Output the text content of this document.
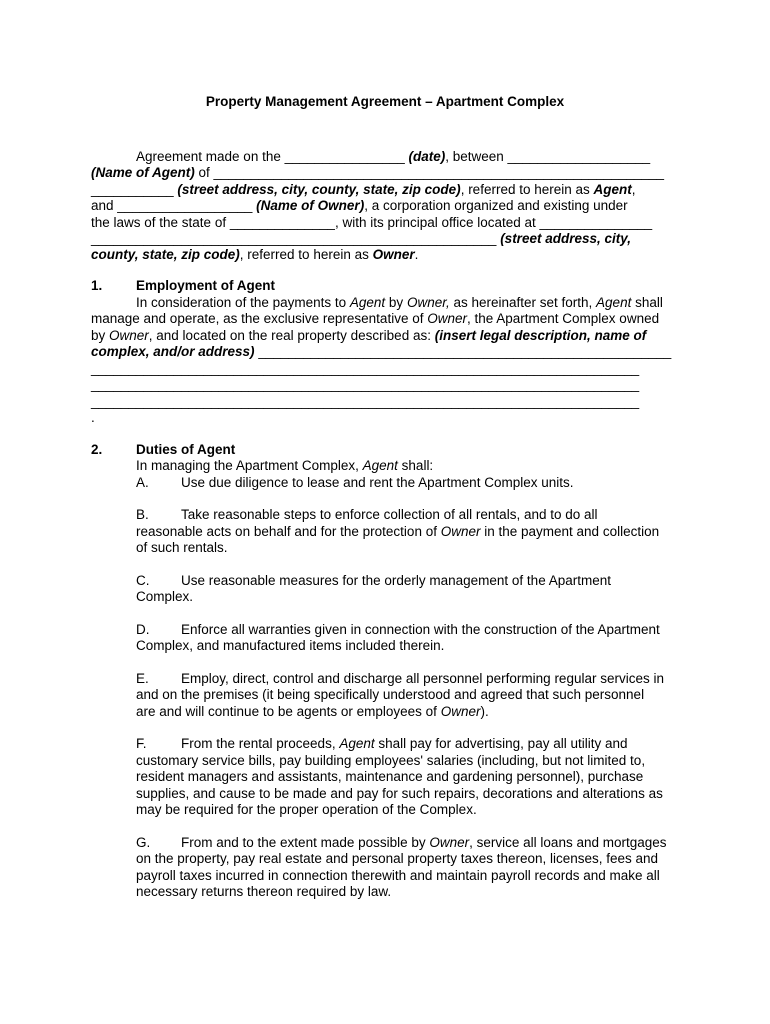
Property Management Agreement – Apartment Complex
Agreement made on the ________________ (date), between ___________________
(Name of Agent) of ____________________________________________________________
___________ (street address, city, county, state, zip code), referred to herein as Agent,
and __________________ (Name of Owner), a corporation organized and existing under
the laws of the state of ______________, with its principal office located at _______________
______________________________________________________ (street address, city,
county, state, zip code), referred to herein as Owner.
1. Employment of Agent
In consideration of the payments to Agent by Owner, as hereinafter set forth, Agent shall
manage and operate, as the exclusive representative of Owner, the Apartment Complex owned
by Owner, and located on the real property described as: (insert legal description, name of
complex, and/or address) _______________________________________________________
_________________________________________________________________________
_________________________________________________________________________
_________________________________________________________________________
.
2. Duties of Agent
In managing the Apartment Complex, Agent shall:
A. Use due diligence to lease and rent the Apartment Complex units.
B. Take reasonable steps to enforce collection of all rentals, and to do all
reasonable acts on behalf and for the protection of Owner in the payment and collection
of such rentals.
C. Use reasonable measures for the orderly management of the Apartment
Complex.
D. Enforce all warranties given in connection with the construction of the Apartment
Complex, and manufactured items included therein.
E. Employ, direct, control and discharge all personnel performing regular services in
and on the premises (it being specifically understood and agreed that such personnel
are and will continue to be agents or employees of Owner).
F.	From the rental proceeds, Agent shall pay for advertising, pay all utility and
customary service bills, pay building employees' salaries (including, but not limited to,
resident managers and assistants, maintenance and gardening personnel), purchase
supplies, and cause to be made and pay for such repairs, decorations and alterations as
may be required for the proper operation of the Complex.
G. From and to the extent made possible by Owner, service all loans and mortgages
on the property, pay real estate and personal property taxes thereon, licenses, fees and
payroll taxes incurred in connection therewith and maintain payroll records and make all
necessary returns thereon required by law.
